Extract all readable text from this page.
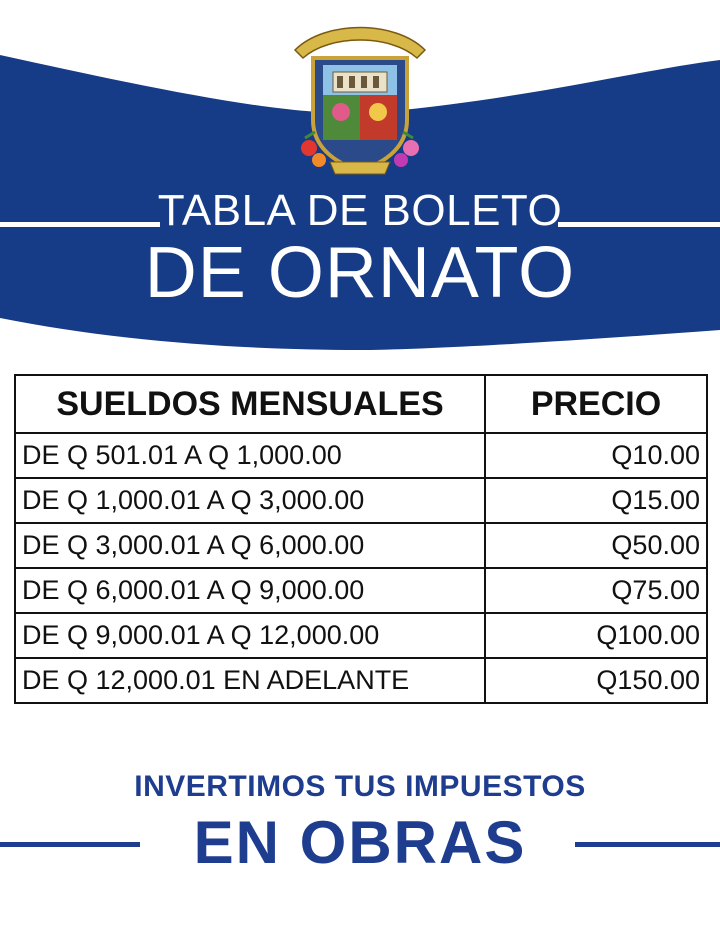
TABLA DE BOLETO
DE ORNATO
SUELDOS MENSUALES	PRECIO
DE Q 501.01 A Q 1,000.00	Q10.00
DE Q 1,000.01 A Q 3,000.00	Q15.00
DE Q 3,000.01 A Q 6,000.00	Q50.00
DE Q 6,000.01 A Q 9,000.00	Q75.00
DE Q 9,000.01 A Q 12,000.00	Q100.00
DE Q 12,000.01 EN ADELANTE	Q150.00
INVERTIMOS TUS IMPUESTOS
EN OBRAS
